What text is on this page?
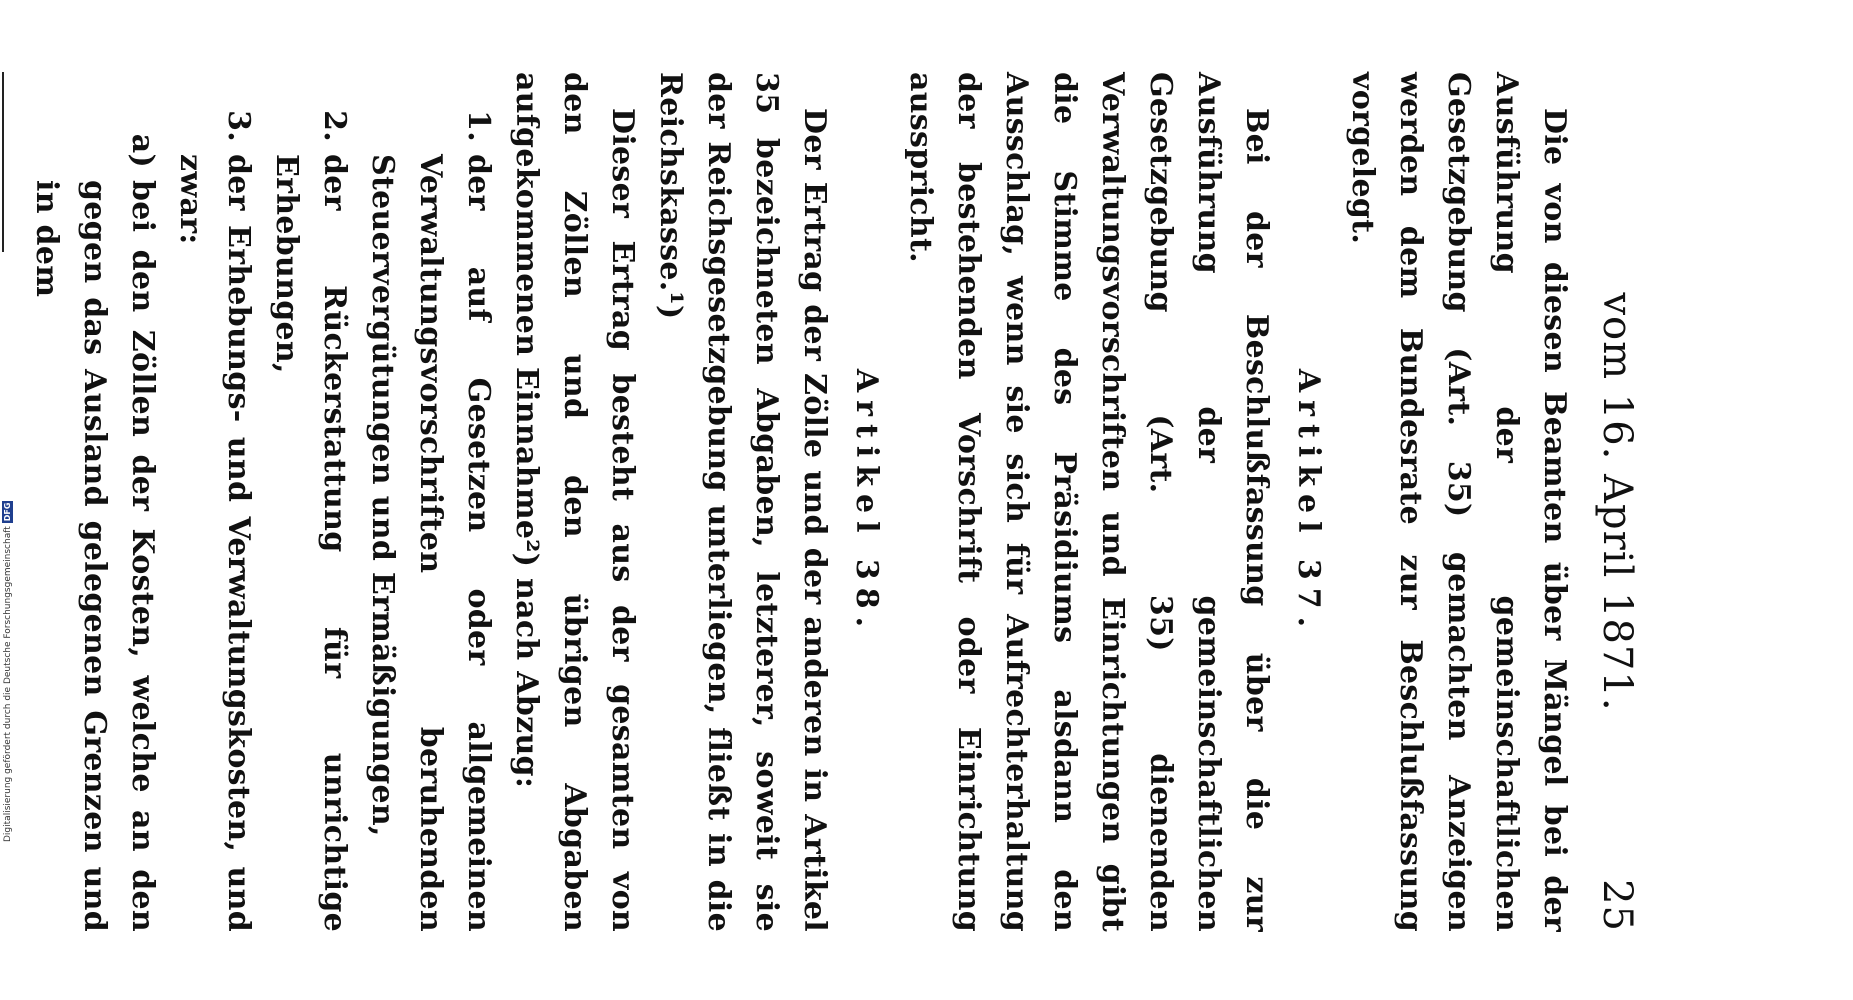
vom 16. April 1871.
25

Die von diesen Beamten über Mängel bei der Ausführung der gemeinschaftlichen Gesetzgebung (Art. 35) gemachten Anzeigen werden dem Bundesrate zur Beschlußfassung vorgelegt.

Artikel 37.

Bei der Beschlußfassung über die zur Ausführung der gemeinschaftlichen Gesetzgebung (Art. 35) dienenden Verwaltungsvorschriften und Einrichtungen gibt die Stimme des Präsidiums alsdann den Ausschlag, wenn sie sich für Aufrechterhaltung der bestehenden Vorschrift oder Einrichtung ausspricht.

Artikel 38.

Der Ertrag der Zölle und der anderen in Artikel 35 bezeichneten Abgaben, letzterer, soweit sie der Reichsgesetzgebung unterliegen, fließt in die Reichskasse.¹)

Dieser Ertrag besteht aus der gesamten von den Zöllen und den übrigen Abgaben aufgekommenen Einnahme²) nach Abzug:

1.
der auf Gesetzen oder allgemeinen Verwaltungsvorschriften beruhenden Steuervergütungen und Ermäßigungen,
2.
der Rückerstattung für unrichtige Erhebungen,
3.
der Erhebungs- und Verwaltungskosten, und zwar:
a)
bei den Zöllen der Kosten, welche an den gegen das Ausland gelegenen Grenzen und in dem

Digitalisierung gefördert durch die Deutsche Forschungsgemeinschaft
DFG
